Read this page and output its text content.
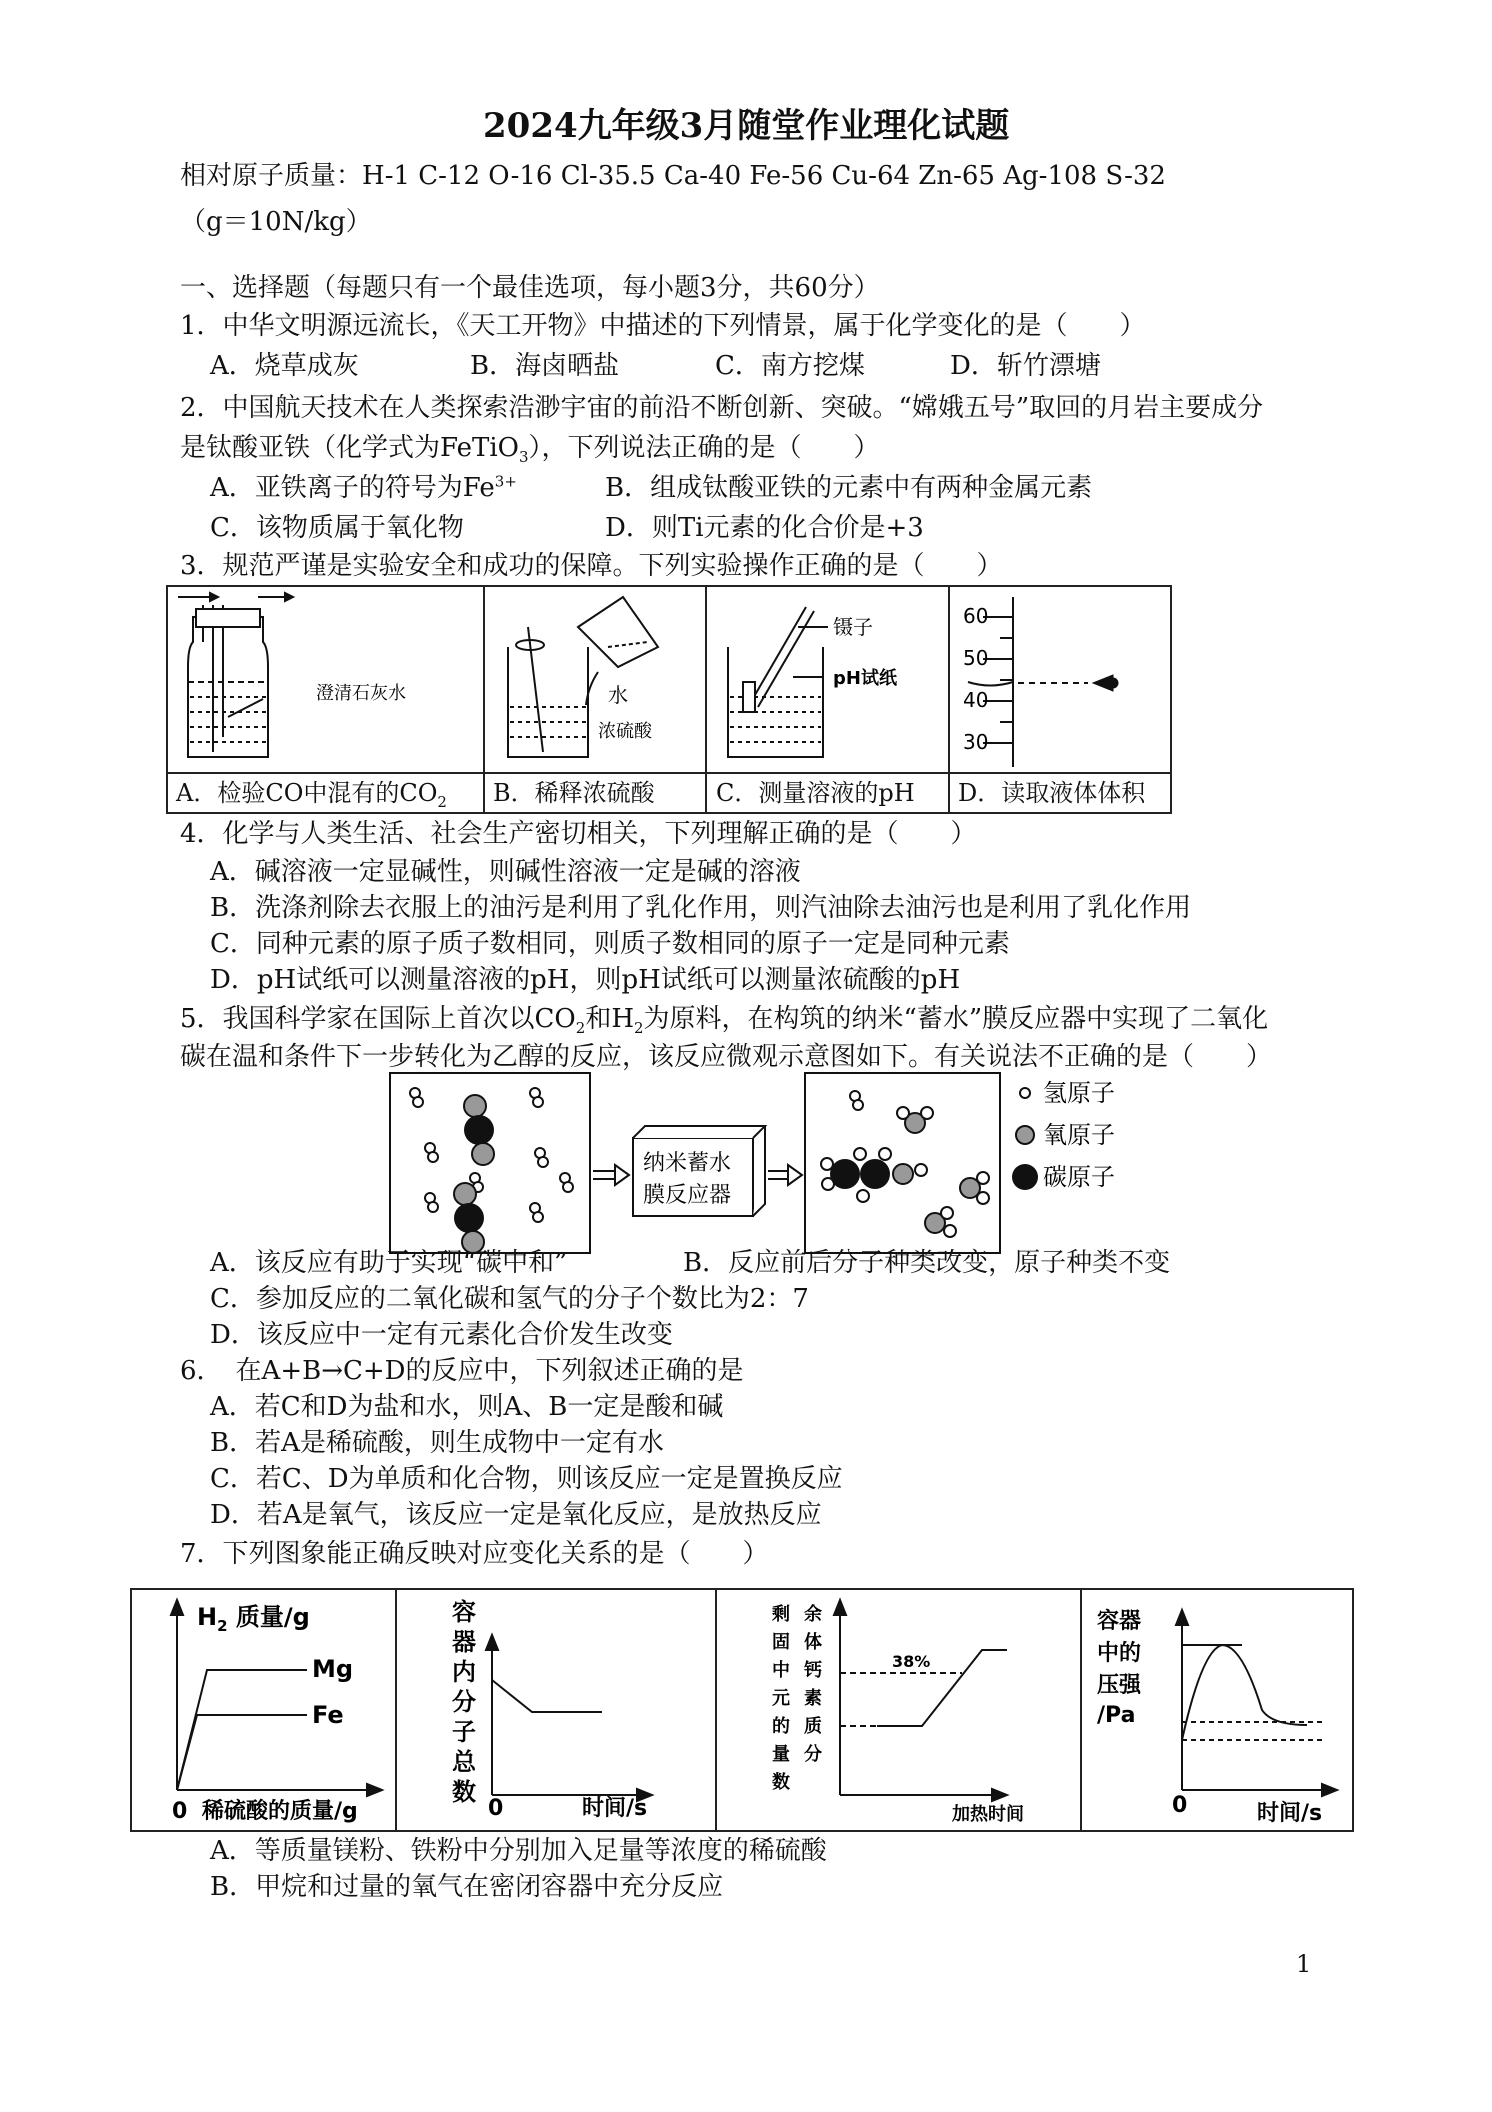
2024九年级3月随堂作业理化试题
相对原子质量：H-1 C-12 O-16 Cl-35.5 Ca-40 Fe-56 Cu-64 Zn-65 Ag-108 S-32
（g＝10N/kg）
一、选择题（每题只有一个最佳选项，每小题3分，共60分）
1．中华文明源远流长，《天工开物》中描述的下列情景，属于化学变化的是（　　）
A．烧草成灰	B．海卤晒盐	C．南方挖煤	D．斩竹漂塘
2．中国航天技术在人类探索浩渺宇宙的前沿不断创新、突破。“嫦娥五号”取回的月岩主要成分
是钛酸亚铁（化学式为FeTiO$_3$），下列说法正确的是（　　）
A．亚铁离子的符号为$Fe^{3+}$	B．组成钛酸亚铁的元素中有两种金属元素
C．该物质属于氧化物	D．则Ti元素的化合价是+3
3．规范严谨是实验安全和成功的保障。下列实验操作正确的是（　　）
澄清石灰水	水
浓硫酸
镊子
pH试纸
60
50
40
30
A．检验CO中混有的$CO_2$ B．稀释浓硫酸	C．测量溶液的pH D．读取液体体积
4．化学与人类生活、社会生产密切相关，下列理解正确的是（　　）
A．碱溶液一定显碱性，则碱性溶液一定是碱的溶液
B．洗涤剂除去衣服上的油污是利用了乳化作用，则汽油除去油污也是利用了乳化作用
C．同种元素的原子质子数相同，则质子数相同的原子一定是同种元素
D．pH试纸可以测量溶液的pH，则pH试纸可以测量浓硫酸的pH
5．我国科学家在国际上首次以$CO_2$和$H_2$为原料，在构筑的纳米“蓄水”膜反应器中实现了二氧化
碳在温和条件下一步转化为乙醇的反应，该反应微观示意图如下。有关说法不正确的是（　　）
纳米蓄水
膜反应器
氢原子
氧原子
碳原子
A．该反应有助于实现“碳中和”	B．反应前后分子种类改变，原子种类不变
C．参加反应的二氧化碳和氢气的分子个数比为2：7
D．该反应中一定有元素化合价发生改变
6．　在A+B→C+D的反应中，下列叙述正确的是
A．若C和D为盐和水，则A、B一定是酸和碱
B．若A是稀硫酸，则生成物中一定有水
C．若C、D为单质和化合物，则该反应一定是置换反应
D．若A是氧气，该反应一定是氧化反应，是放热反应
7．下列图象能正确反映对应变化关系的是（　　）
$H_2$ 质量/g
Mg
Fe
0 稀硫酸的质量/g
容
器
内
分
子
总
数
0	时间/s
剩
固
中
元
的
量
数
余
体
钙
素
质
分
38%
加热时间
容器
中的
压强
/Pa
0	时间/s
A．等质量镁粉、铁粉中分别加入足量等浓度的稀硫酸
B．甲烷和过量的氧气在密闭容器中充分反应
1
